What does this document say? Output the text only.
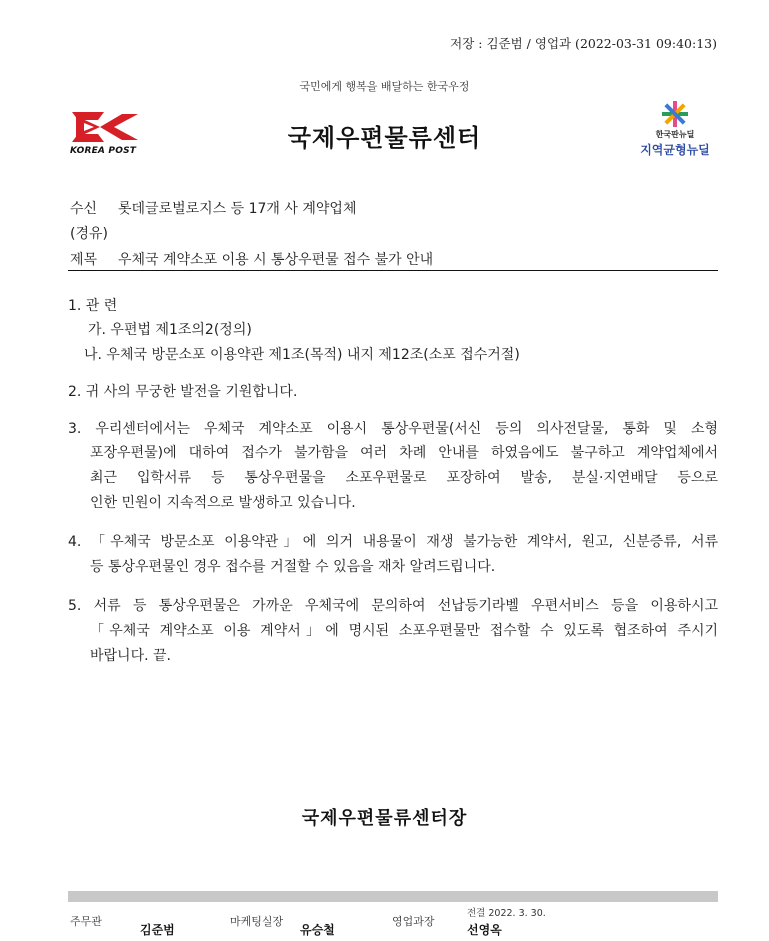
저장 : 김준범 / 영업과 (2022-03-31 09:40:13)
국민에게 행복을 배달하는 한국우정
KOREA POST	국제우편물류센터	한국판뉴딜
지역균형뉴딜
수신 롯데글로벌로지스 등 17개 사 계약업체
(경유)
제목 우체국 계약소포 이용 시 통상우편물 접수 불가 안내
1. 관 련
가. 우편법 제1조의2(정의)
나. 우체국 방문소포 이용약관 제1조(목적) 내지 제12조(소포 접수거절)
2. 귀 사의 무궁한 발전을 기원합니다.
3. 우리센터에서는 우체국 계약소포 이용시 통상우편물(서신 등의 의사전달물, 통화 및 소형
포장우편물)에 대하여 접수가 불가함을 여러 차례 안내를 하였음에도 불구하고 계약업체에서
최근 입학서류 등 통상우편물을 소포우편물로 포장하여 발송, 분실·지연배달 등으로
인한 민원이 지속적으로 발생하고 있습니다.
4. 「우체국 방문소포 이용약관」에 의거 내용물이 재생 불가능한 계약서, 원고, 신분증류, 서류
등 통상우편물인 경우 접수를 거절할 수 있음을 재차 알려드립니다.
5. 서류 등 통상우편물은 가까운 우체국에 문의하여 선납등기라벨 우편서비스 등을 이용하시고
「우체국 계약소포 이용 계약서」에 명시된 소포우편물만 접수할 수 있도록 협조하여 주시기
바랍니다. 끝.
국제우편물류센터장
주무관
김준범
마케팅실장
유승철
영업과장
전결 2022. 3. 30.
선영옥
